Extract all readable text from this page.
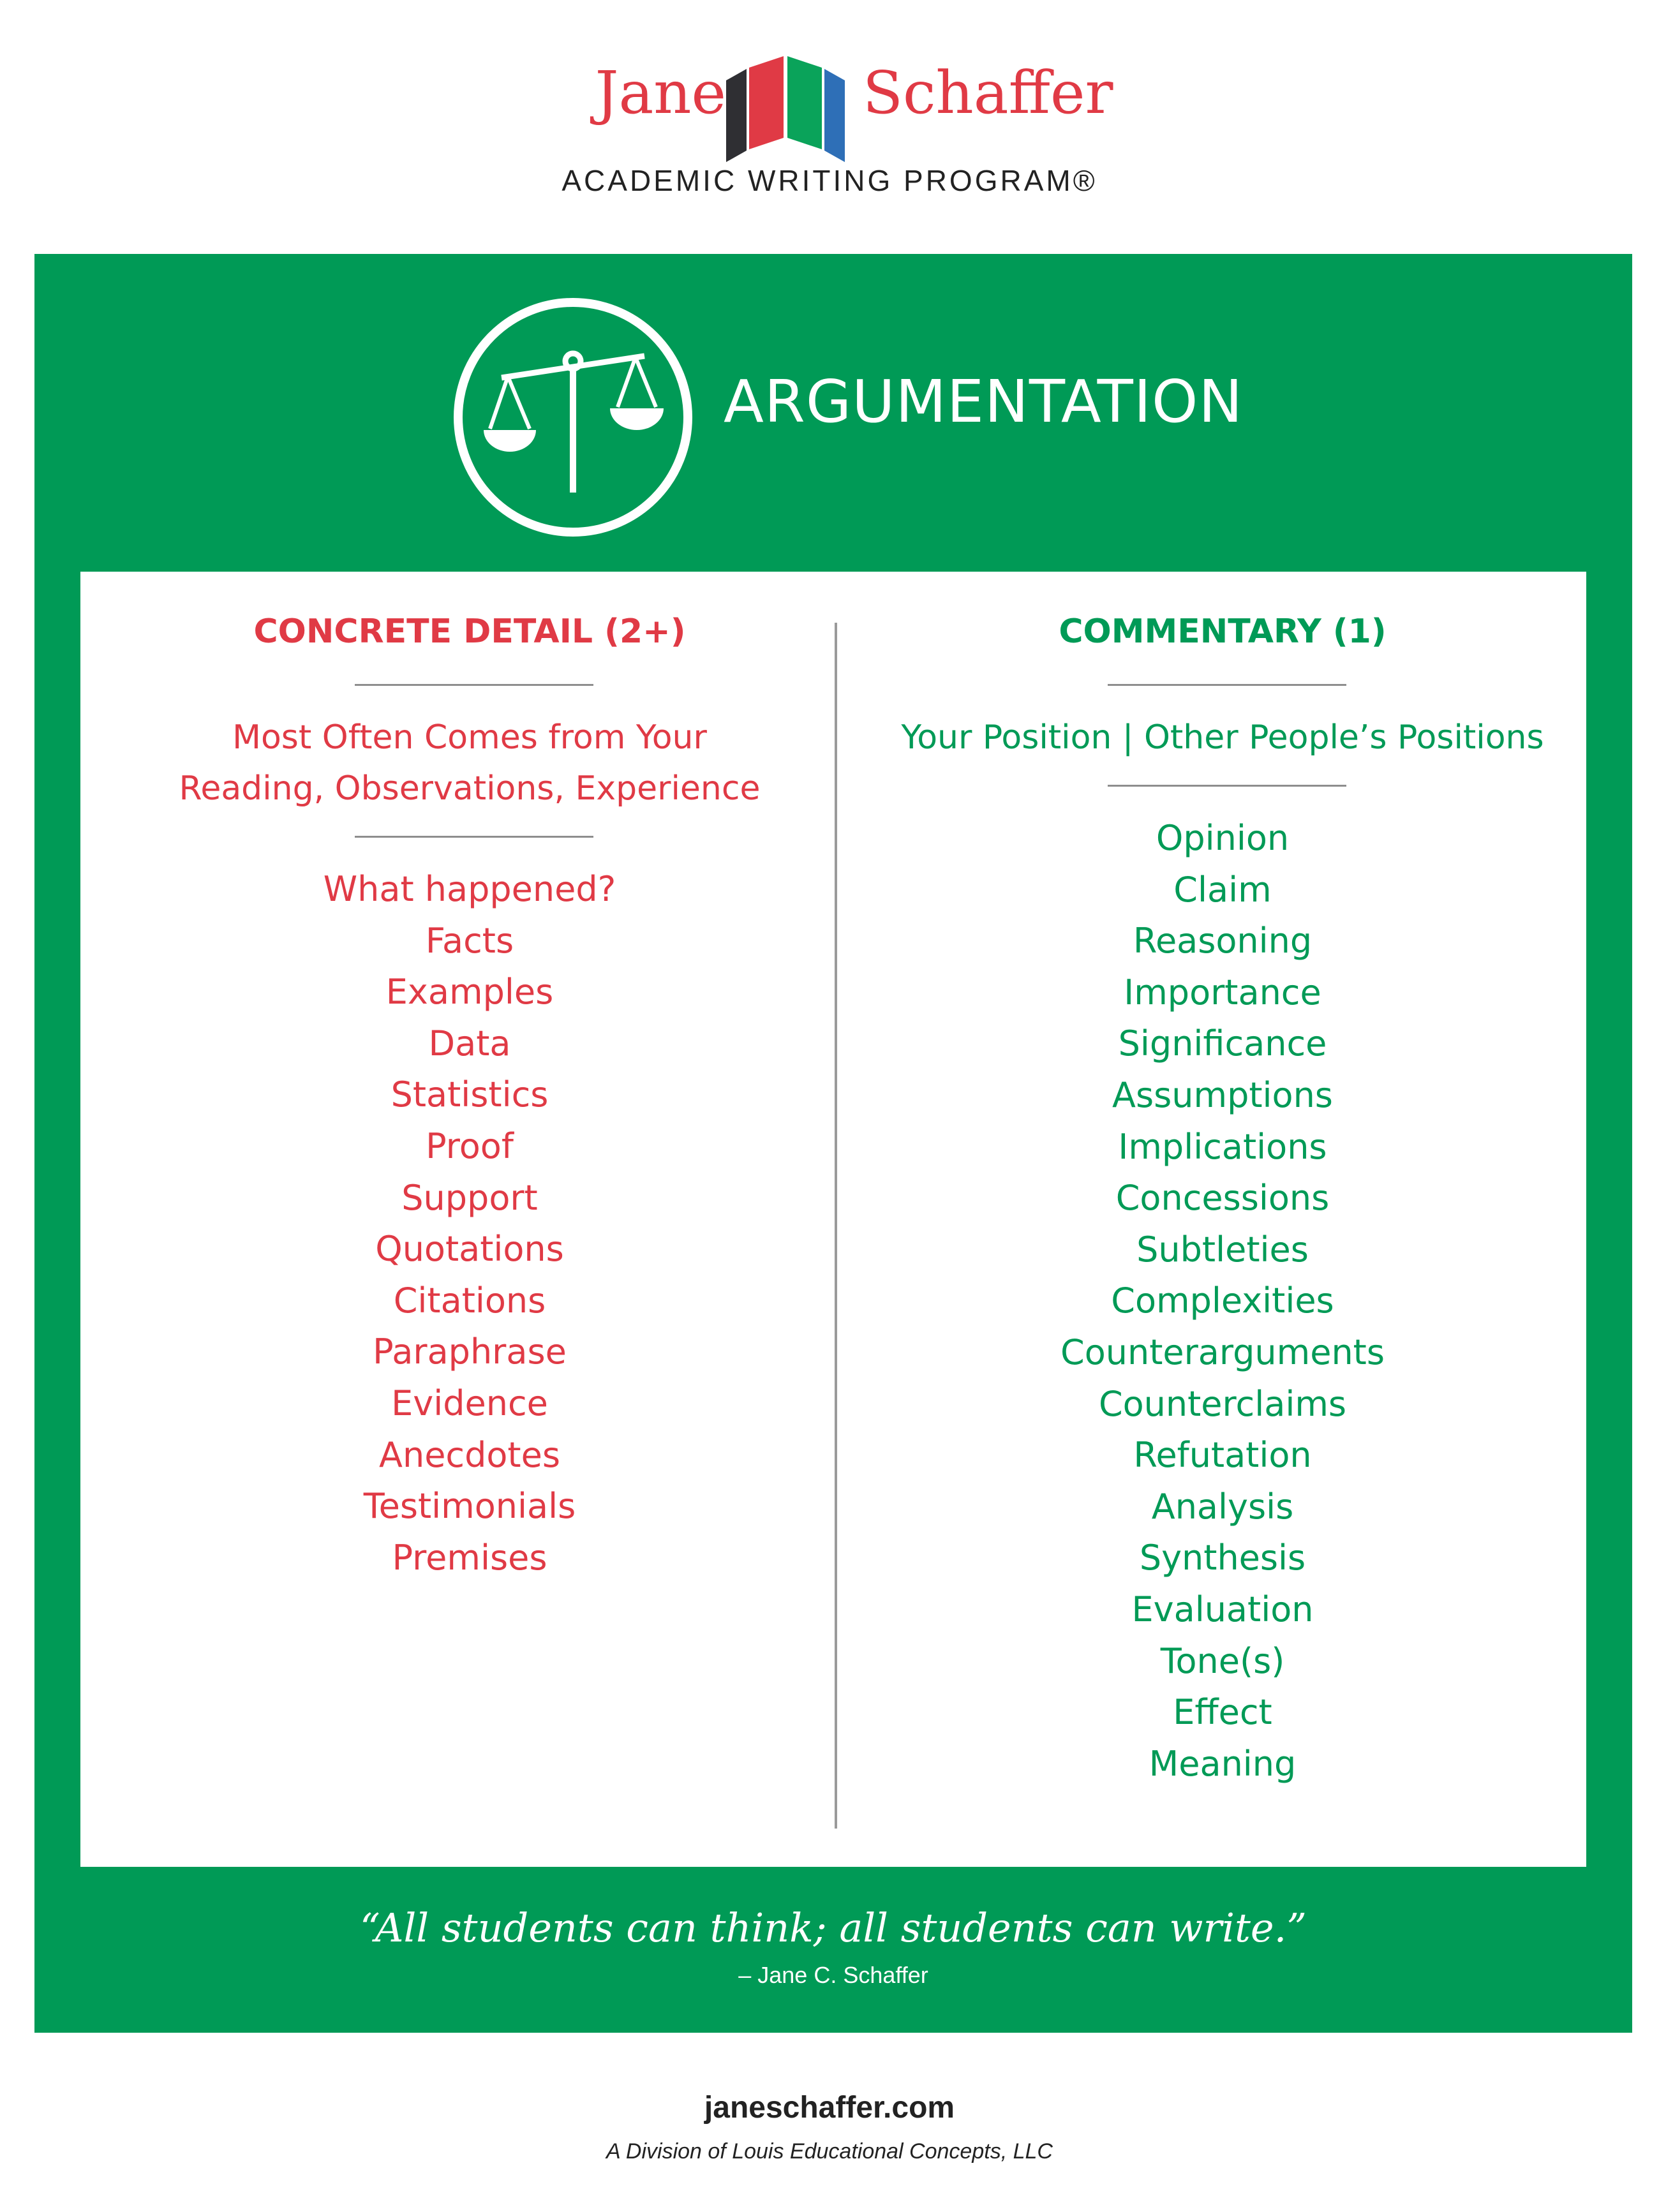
Jane Schaffer
ACADEMIC WRITING PROGRAM®
ARGUMENTATION
CONCRETE DETAIL (2+)
Most Often Comes from Your
Reading, Observations, Experience
What happened?
Facts
Examples
Data
Statistics
Proof
Support
Quotations
Citations
Paraphrase
Evidence
Anecdotes
Testimonials
Premises
COMMENTARY (1)
Your Position | Other People’s Positions
Opinion
Claim
Reasoning
Importance
Significance
Assumptions
Implications
Concessions
Subtleties
Complexities
Counterarguments
Counterclaims
Refutation
Analysis
Synthesis
Evaluation
Tone(s)
Effect
Meaning
“All students can think; all students can write.”
– Jane C. Schaffer
janeschaffer.com
A Division of Louis Educational Concepts, LLC
